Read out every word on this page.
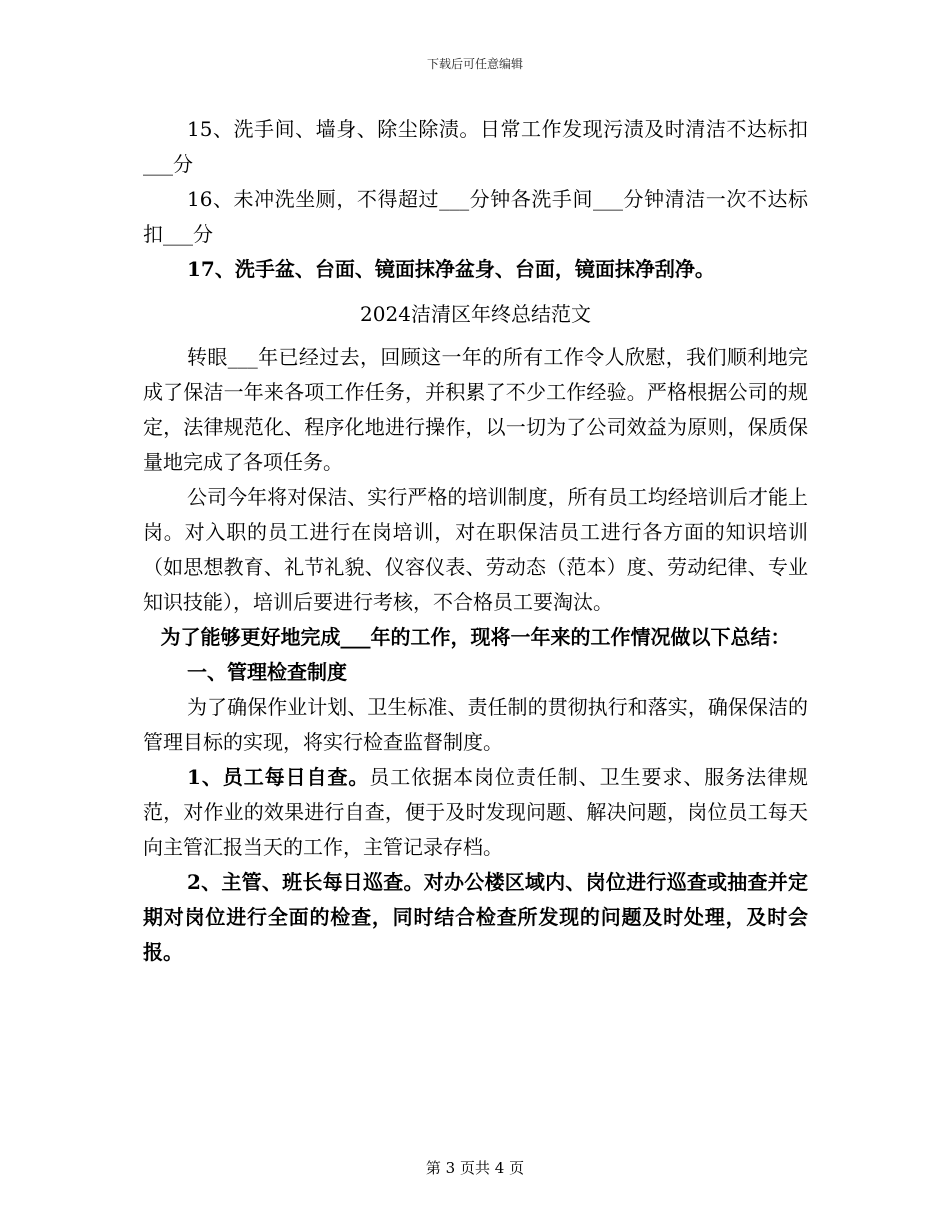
下载后可任意编辑

15、洗手间、墙身、除尘除渍。日常工作发现污渍及时清洁不达标扣___分

16、未冲洗坐厕，不得超过___分钟各洗手间___分钟清洁一次不达标扣___分

17、洗手盆、台面、镜面抹净盆身、台面，镜面抹净刮净。

2024洁清区年终总结范文

转眼___年已经过去，回顾这一年的所有工作令人欣慰，我们顺利地完成了保洁一年来各项工作任务，并积累了不少工作经验。严格根据公司的规定，法律规范化、程序化地进行操作，以一切为了公司效益为原则，保质保量地完成了各项任务。

公司今年将对保洁、实行严格的培训制度，所有员工均经培训后才能上岗。对入职的员工进行在岗培训，对在职保洁员工进行各方面的知识培训（如思想教育、礼节礼貌、仪容仪表、劳动态（范本）度、劳动纪律、专业知识技能），培训后要进行考核，不合格员工要淘汰。

为了能够更好地完成___年的工作，现将一年来的工作情况做以下总结：

一、管理检查制度

为了确保作业计划、卫生标准、责任制的贯彻执行和落实，确保保洁的管理目标的实现，将实行检查监督制度。

1、员工每日自查。员工依据本岗位责任制、卫生要求、服务法律规范，对作业的效果进行自查，便于及时发现问题、解决问题，岗位员工每天向主管汇报当天的工作，主管记录存档。

2、主管、班长每日巡查。对办公楼区域内、岗位进行巡查或抽查并定期对岗位进行全面的检查，同时结合检查所发现的问题及时处理，及时会报。

第 3 页共 4 页
